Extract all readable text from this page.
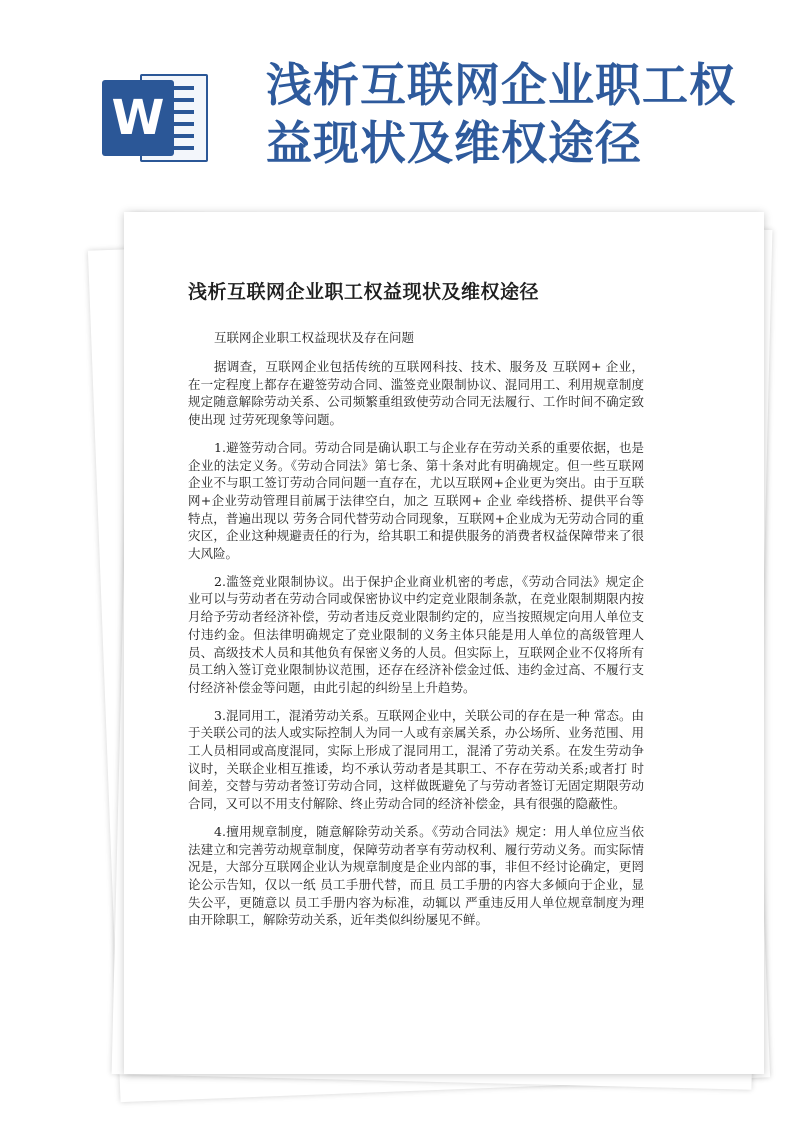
W
浅析互联网企业职工权益现状及维权途径
浅析互联网企业职工权益现状及维权途径

互联网企业职工权益现状及存在问题

据调查，互联网企业包括传统的互联网科技、技术、服务及 互联网+ 企业，在一定程度上都存在避签劳动合同、滥签竞业限制协议、混同用工、利用规章制度规定随意解除劳动关系、公司频繁重组致使劳动合同无法履行、工作时间不确定致使出现 过劳死现象等问题。

1.避签劳动合同。劳动合同是确认职工与企业存在劳动关系的重要依据，也是企业的法定义务。《劳动合同法》第七条、第十条对此有明确规定。但一些互联网企业不与职工签订劳动合同问题一直存在，尤以互联网+企业更为突出。由于互联网+企业劳动管理目前属于法律空白，加之 互联网+ 企业 牵线搭桥、提供平台等特点，普遍出现以 劳务合同代替劳动合同现象，互联网+企业成为无劳动合同的重灾区，企业这种规避责任的行为，给其职工和提供服务的消费者权益保障带来了很大风险。

2.滥签竞业限制协议。出于保护企业商业机密的考虑，《劳动合同法》规定企业可以与劳动者在劳动合同或保密协议中约定竞业限制条款，在竞业限制期限内按月给予劳动者经济补偿，劳动者违反竞业限制约定的，应当按照规定向用人单位支付违约金。但法律明确规定了竞业限制的义务主体只能是用人单位的高级管理人员、高级技术人员和其他负有保密义务的人员。但实际上，互联网企业不仅将所有员工纳入签订竞业限制协议范围，还存在经济补偿金过低、违约金过高、不履行支付经济补偿金等问题，由此引起的纠纷呈上升趋势。

3.混同用工，混淆劳动关系。互联网企业中，关联公司的存在是一种 常态。由于关联公司的法人或实际控制人为同一人或有亲属关系，办公场所、业务范围、用工人员相同或高度混同，实际上形成了混同用工，混淆了劳动关系。在发生劳动争议时，关联企业相互推诿，均不承认劳动者是其职工、不存在劳动关系;或者打 时间差，交替与劳动者签订劳动合同，这样做既避免了与劳动者签订无固定期限劳动合同，又可以不用支付解除、终止劳动合同的经济补偿金，具有很强的隐蔽性。

4.擅用规章制度，随意解除劳动关系。《劳动合同法》规定：用人单位应当依法建立和完善劳动规章制度，保障劳动者享有劳动权利、履行劳动义务。而实际情况是，大部分互联网企业认为规章制度是企业内部的事，非但不经讨论确定，更罔论公示告知，仅以一纸 员工手册代替，而且 员工手册的内容大多倾向于企业，显失公平，更随意以 员工手册内容为标准，动辄以 严重违反用人单位规章制度为理由开除职工，解除劳动关系，近年类似纠纷屡见不鲜。
